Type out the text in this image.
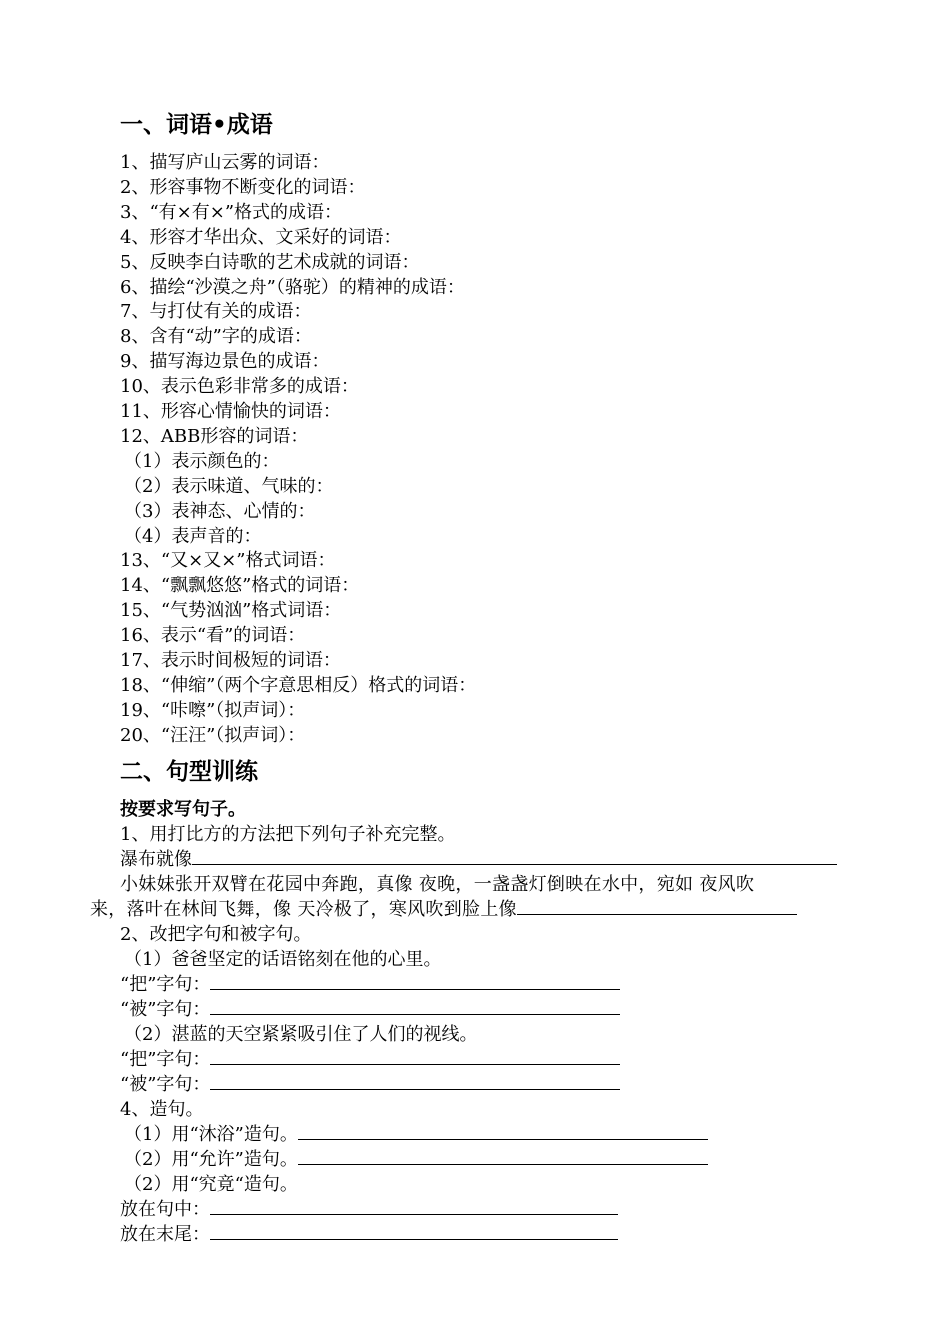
一、词语•成语
1、描写庐山云雾的词语：
2、形容事物不断变化的词语：
3、“有×有×”格式的成语：
4、形容才华出众、文采好的词语：
5、反映李白诗歌的艺术成就的词语：
6、描绘“沙漠之舟”（骆驼）的精神的成语：
7、与打仗有关的成语：
8、含有“动”字的成语：
9、描写海边景色的成语：
10、表示色彩非常多的成语：
11、形容心情愉快的词语：
12、ABB形容的词语：
（1）表示颜色的：
（2）表示味道、气味的：
（3）表神态、心情的：
（4）表声音的：
13、“又×又×”格式词语：
14、“飘飘悠悠”格式的词语：
15、“气势汹汹”格式词语：
16、表示“看”的词语：
17、表示时间极短的词语：
18、“伸缩”（两个字意思相反）格式的词语：
19、“咔嚓”（拟声词）：
20、“汪汪”（拟声词）：
二、句型训练
按要求写句子。
1、用打比方的方法把下列句子补充完整。
瀑布就像
小妹妹张开双臂在花园中奔跑，真像 夜晚，一盏盏灯倒映在水中，宛如 夜风吹
来，落叶在林间飞舞，像 天冷极了，寒风吹到脸上像
2、改把字句和被字句。
（1）爸爸坚定的话语铭刻在他的心里。
“把”字句：
“被”字句：
（2）湛蓝的天空紧紧吸引住了人们的视线。
“把”字句：
“被”字句：
4、造句。
（1）用“沐浴”造句。
（2）用“允许”造句。
（2）用“究竟“造句。
放在句中：
放在末尾：
